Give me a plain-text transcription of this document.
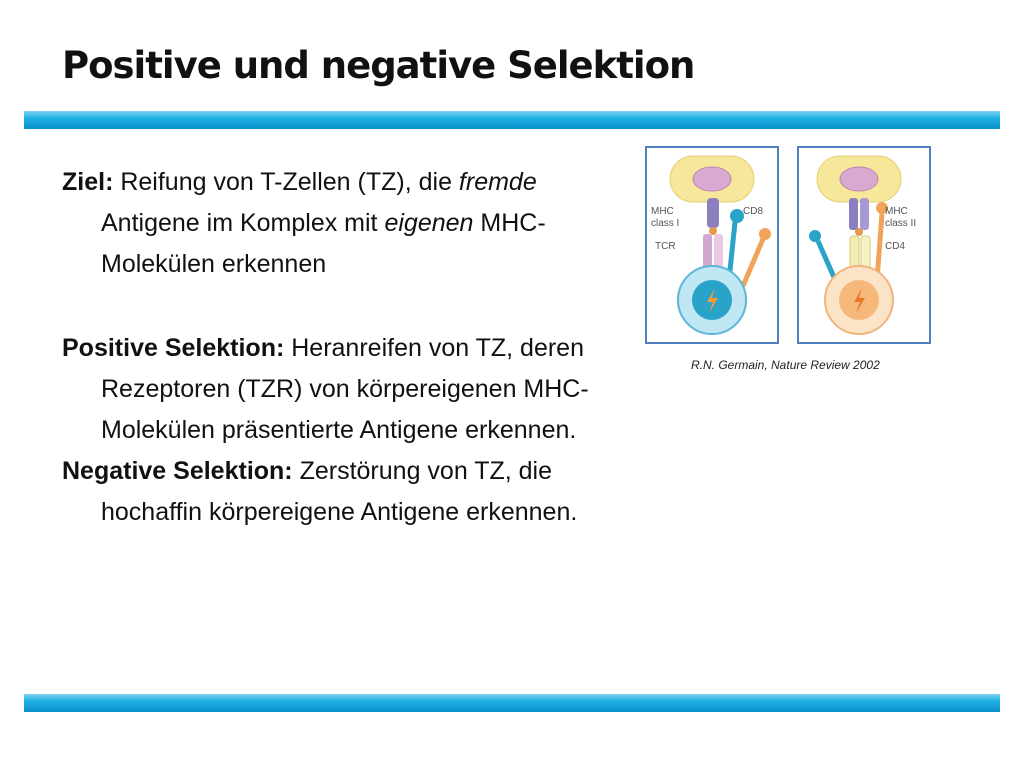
Positive und negative Selektion

Ziel: Reifung von T-Zellen (TZ), die fremde Antigene im Komplex mit eigenen MHC-Molekülen erkennen

Positive Selektion: Heranreifen von TZ, deren Rezeptoren (TZR) von körpereigenen MHC-Molekülen präsentierte Antigene erkennen.

Negative Selektion: Zerstörung von TZ, die hochaffin körpereigene Antigene erkennen.

MHC
class I
CD8
TCR
MHC
class II
CD4
R.N. Germain, Nature Review 2002
